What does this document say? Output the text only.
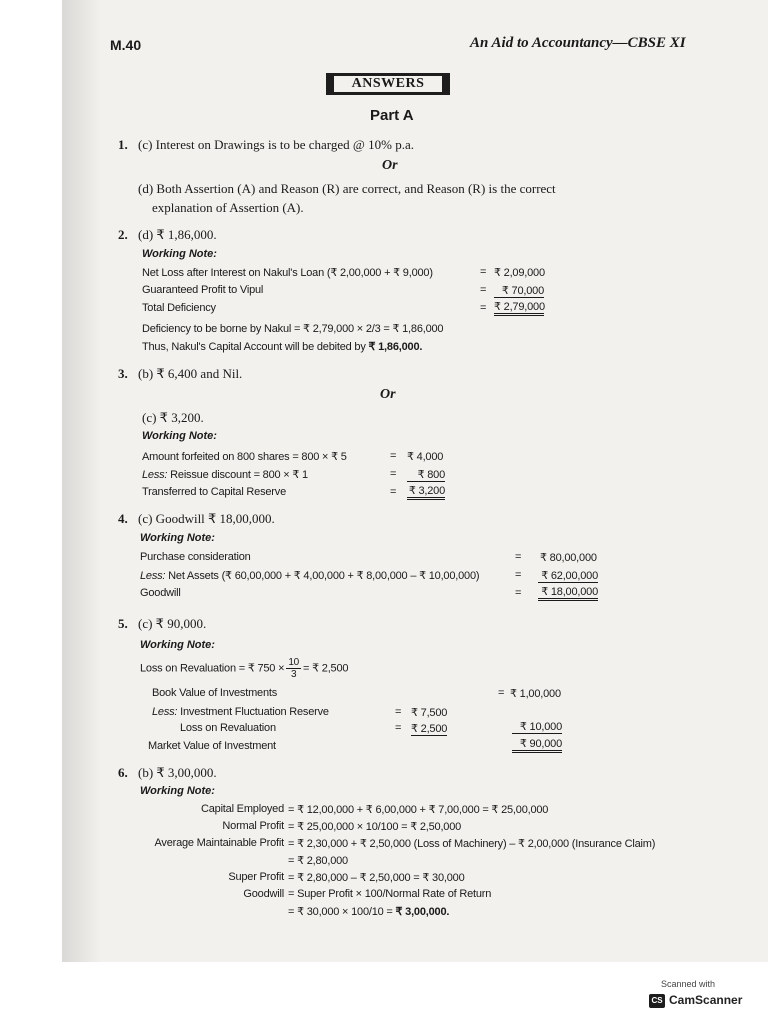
M.40	An Aid to Accountancy—CBSE XI
ANSWERS
Part A
1. (c) Interest on Drawings is to be charged @ 10% p.a.
Or
(d) Both Assertion (A) and Reason (R) are correct, and Reason (R) is the correct
explanation of Assertion (A).
2. (d) ₹ 1,86,000.
Working Note:
Net Loss after Interest on Nakul's Loan (₹ 2,00,000 + ₹ 9,000)	= ₹ 2,09,000
Guaranteed Profit to Vipul	=	₹ 70,000
Total Deficiency	= ₹ 2,79,000
Deficiency to be borne by Nakul = ₹ 2,79,000 × 2/3 = ₹ 1,86,000
Thus, Nakul's Capital Account will be debited by ₹ 1,86,000.
3. (b) ₹ 6,400 and Nil.
Or
(c) ₹ 3,200.
Working Note:
Amount forfeited on 800 shares = 800 × ₹ 5	= ₹ 4,000
Less: Reissue discount = 800 × ₹ 1	=	₹ 800
Transferred to Capital Reserve	= ₹ 3,200
4. (c) Goodwill ₹ 18,00,000.
Working Note:
Purchase consideration	= ₹ 80,00,000
Less: Net Assets (₹ 60,00,000 + ₹ 4,00,000 + ₹ 8,00,000 – ₹ 10,00,000)	= ₹ 62,00,000
Goodwill	= ₹ 18,00,000
5. (c) ₹ 90,000.
Working Note:
Loss on Revaluation = ₹ $750 \times \frac{10}{3}$ = ₹ 2,500
Book Value of Investments	= ₹ 1,00,000
Less: Investment Fluctuation Reserve	= ₹ 7,500
Loss on Revaluation	= ₹ 2,500	₹ 10,000
Market Value of Investment	₹ 90,000
6. (b) ₹ 3,00,000.
Working Note:
Capital Employed = ₹ 12,00,000 + ₹ 6,00,000 + ₹ 7,00,000 = ₹ 25,00,000
Normal Profit = ₹ 25,00,000 × 10/100 = ₹ 2,50,000
Average Maintainable Profit = ₹ 2,30,000 + ₹ 2,50,000 (Loss of Machinery) – ₹ 2,00,000 (Insurance Claim)
= ₹ 2,80,000
Super Profit = ₹ 2,80,000 – ₹ 2,50,000 = ₹ 30,000
Goodwill = Super Profit × 100/Normal Rate of Return
= ₹ 30,000 × 100/10 = ₹ 3,00,000.
Scanned with
CS CamScanner
